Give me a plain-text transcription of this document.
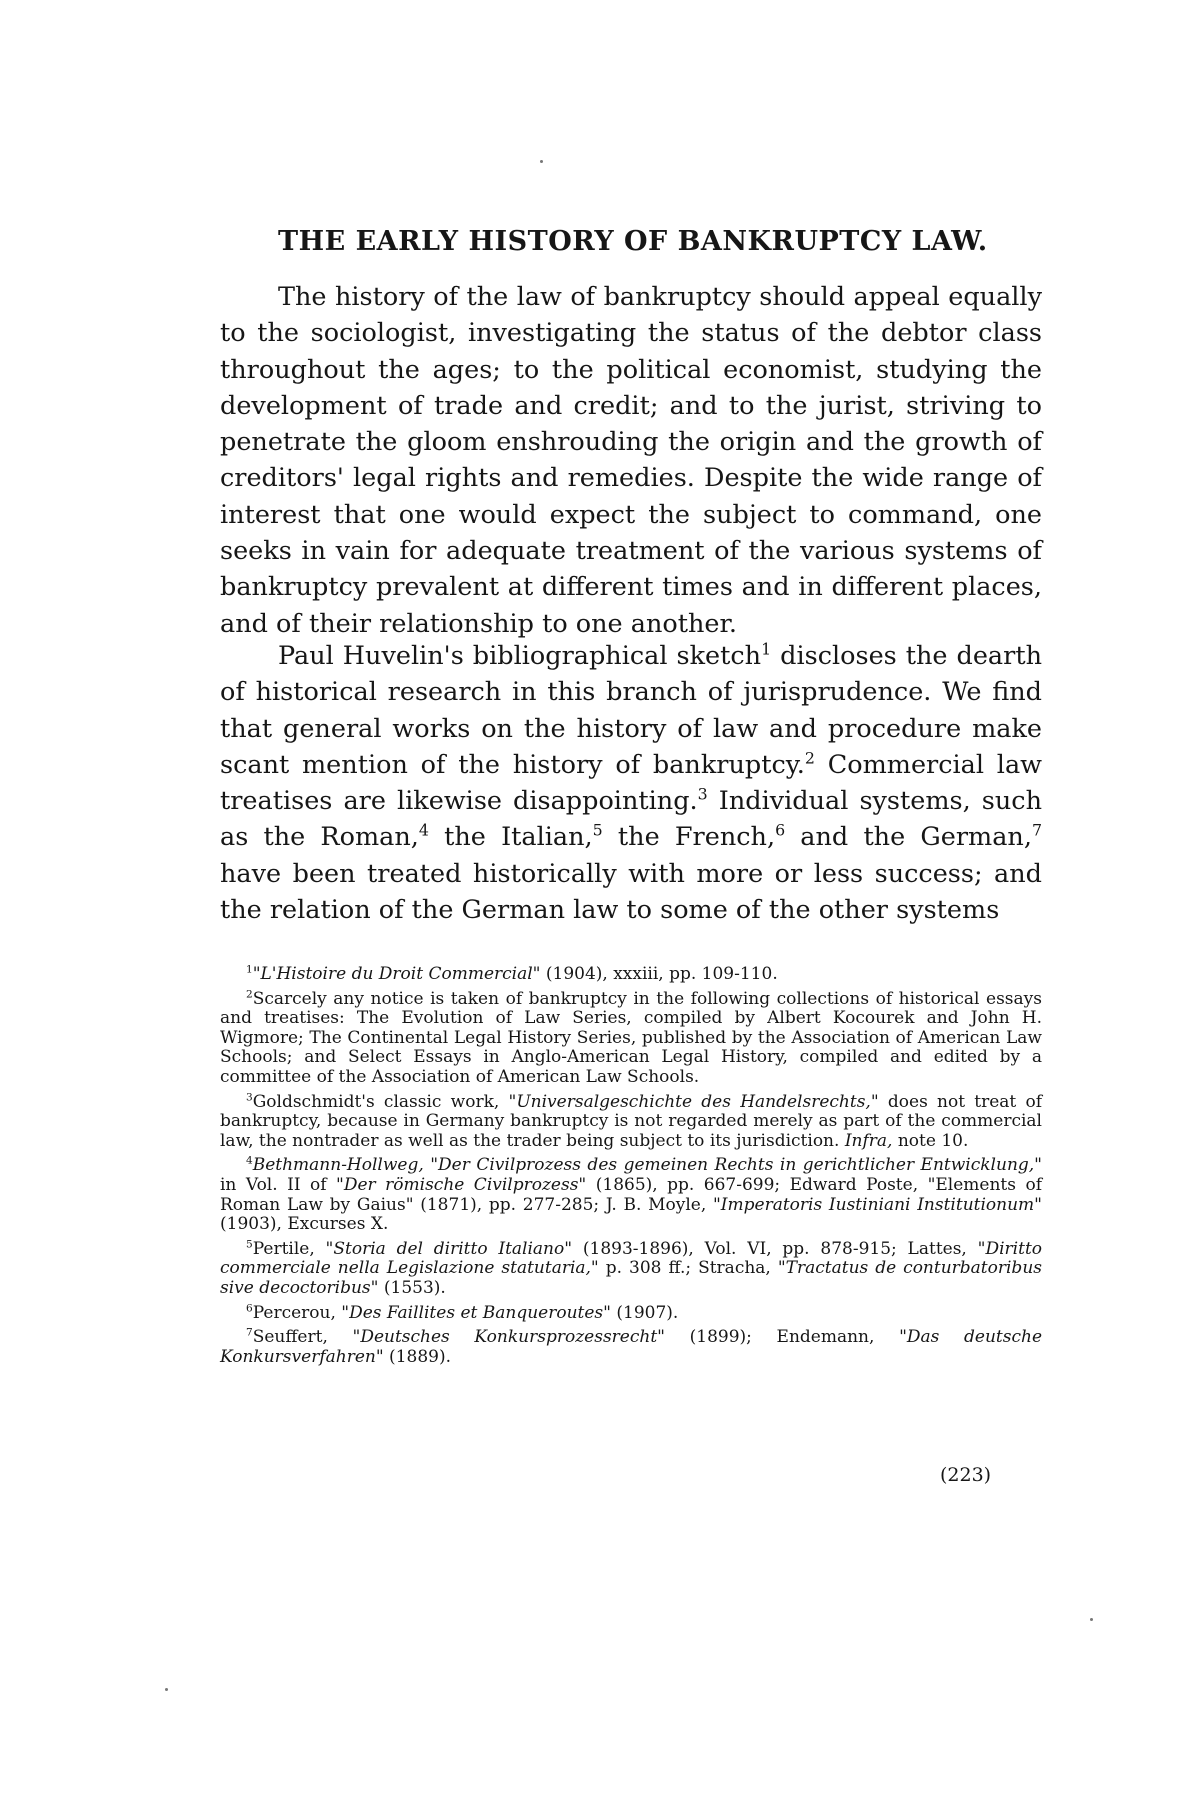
THE EARLY HISTORY OF BANKRUPTCY LAW.

The history of the law of bankruptcy should appeal equally to the sociologist, investigating the status of the debtor class throughout the ages; to the political economist, studying the development of trade and credit; and to the jurist, striving to penetrate the gloom enshrouding the origin and the growth of creditors' legal rights and remedies. Despite the wide range of interest that one would expect the subject to command, one seeks in vain for adequate treatment of the various systems of bankruptcy prevalent at different times and in different places, and of their relationship to one another.

Paul Huvelin's bibliographical sketch$^1$ discloses the dearth of historical research in this branch of jurisprudence. We find that general works on the history of law and procedure make scant mention of the history of bankruptcy.$^2$ Commercial law treatises are likewise disappointing.$^3$ Individual systems, such as the Roman,$^4$ the Italian,$^5$ the French,$^6$ and the German,$^7$ have been treated historically with more or less success; and the relation of the German law to some of the other systems

$^1$"L'Histoire du Droit Commercial" (1904), xxxiii, pp. 109-110.

$^2$Scarcely any notice is taken of bankruptcy in the following collections of historical essays and treatises: The Evolution of Law Series, compiled by Albert Kocourek and John H. Wigmore; The Continental Legal History Series, published by the Association of American Law Schools; and Select Essays in Anglo-American Legal History, compiled and edited by a committee of the Association of American Law Schools.

$^3$Goldschmidt's classic work, "Universalgeschichte des Handelsrechts," does not treat of bankruptcy, because in Germany bankruptcy is not regarded merely as part of the commercial law, the nontrader as well as the trader being subject to its jurisdiction. Infra, note 10.

$^4$Bethmann-Hollweg, "Der Civilprozess des gemeinen Rechts in gerichtlicher Entwicklung," in Vol. II of "Der römische Civilprozess" (1865), pp. 667-699; Edward Poste, "Elements of Roman Law by Gaius" (1871), pp. 277-285; J. B. Moyle, "Imperatoris Iustiniani Institutionum" (1903), Excurses X.

$^5$Pertile, "Storia del diritto Italiano" (1893-1896), Vol. VI, pp. 878-915; Lattes, "Diritto commerciale nella Legislazione statutaria," p. 308 ff.; Stracha, "Tractatus de conturbatoribus sive decoctoribus" (1553).

$^6$Percerou, "Des Faillites et Banqueroutes" (1907).

$^7$Seuffert, "Deutsches Konkursprozessrecht" (1899); Endemann, "Das deutsche Konkursverfahren" (1889).

(223)
